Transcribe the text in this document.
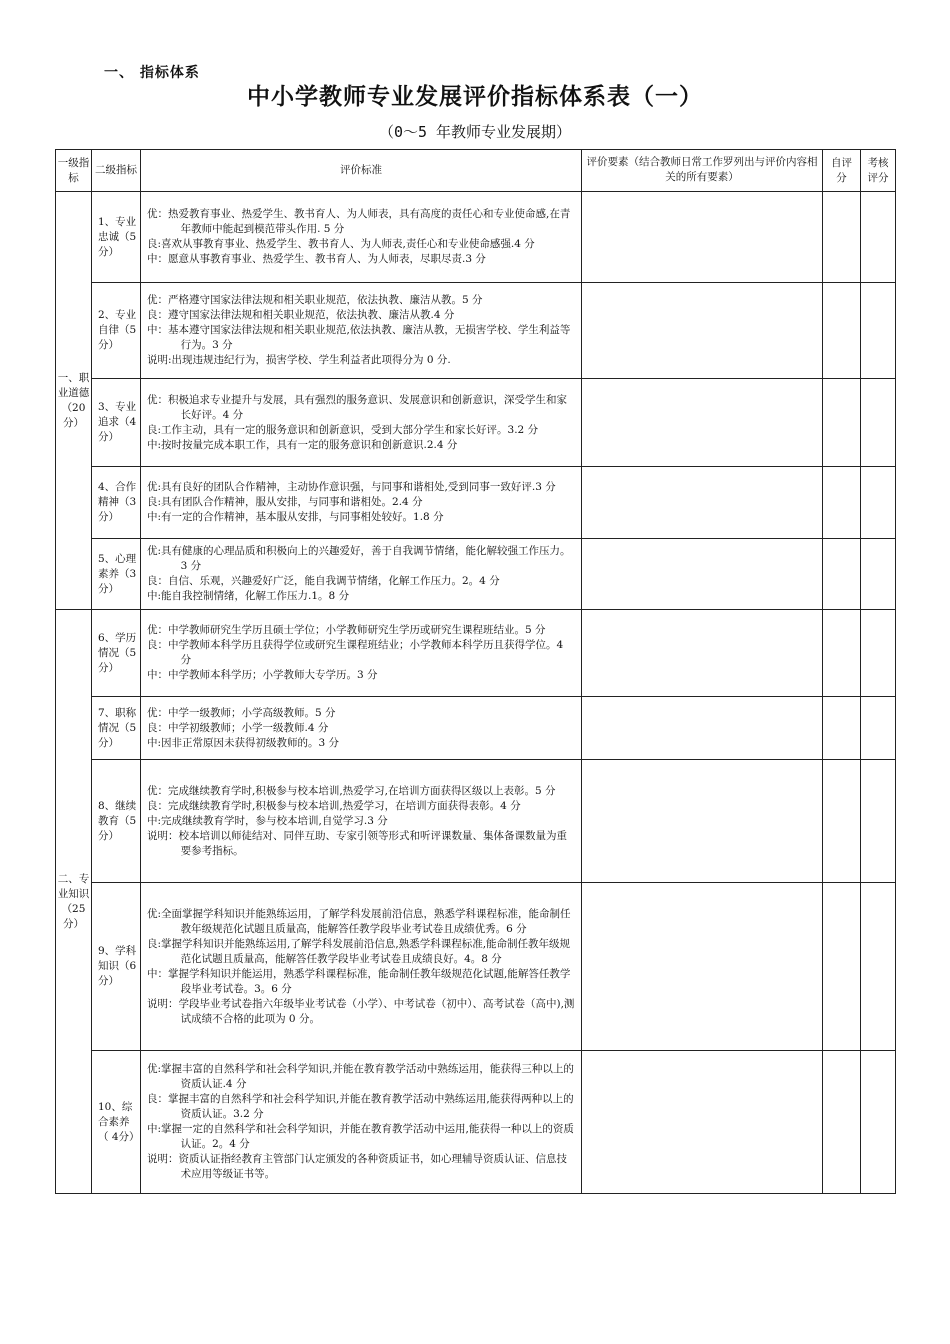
一、 指标体系
中小学教师专业发展评价指标体系表（一）
（0～5 年教师专业发展期）
一级指标	二级指标	评价标准	评价要素（结合教师日常工作罗列出与评价内容相关的所有要素）	自评分	考核评分
一、职业道德（20分）	1、专业忠诚（5分）	优：热爱教育事业、热爱学生、教书育人、为人师表，具有高度的责任心和专业使命感,在青年教师中能起到模范带头作用. 5 分
良:喜欢从事教育事业、热爱学生、教书育人、为人师表,责任心和专业使命感强.4 分
中：愿意从事教育事业、热爱学生、教书育人、为人师表，尽职尽责.3 分			

	2、专业自律（5分）	优：严格遵守国家法律法规和相关职业规范，依法执教、廉洁从教。5 分
良：遵守国家法律法规和相关职业规范，依法执教、廉洁从教.4 分
中：基本遵守国家法律法规和相关职业规范,依法执教、廉洁从教，无损害学校、学生利益等行为。3 分
说明:出现违规违纪行为，损害学校、学生利益者此项得分为 0 分.			

	3、专业追求（4分）	优：积极追求专业提升与发展，具有强烈的服务意识、发展意识和创新意识，深受学生和家长好评。4 分
良:工作主动，具有一定的服务意识和创新意识，受到大部分学生和家长好评。3.2 分
中:按时按量完成本职工作，具有一定的服务意识和创新意识.2.4 分			

	4、合作精神（3分）	优:具有良好的团队合作精神，主动协作意识强，与同事和谐相处,受到同事一致好评.3 分
良:具有团队合作精神，服从安排，与同事和谐相处。2.4 分
中:有一定的合作精神，基本服从安排，与同事相处较好。1.8 分			

	5、心理素养（3分）	优:具有健康的心理品质和积极向上的兴趣爱好，善于自我调节情绪，能化解较强工作压力。3 分
良：自信、乐观，兴趣爱好广泛，能自我调节情绪，化解工作压力。2。4 分
中:能自我控制情绪，化解工作压力.1。8 分			

二、专业知识（25分）	6、学历情况（5分）	优：中学教师研究生学历且硕士学位；小学教师研究生学历或研究生课程班结业。5 分
良：中学教师本科学历且获得学位或研究生课程班结业；小学教师本科学历且获得学位。4 分
中：中学教师本科学历；小学教师大专学历。3 分			

	7、职称情况（5分）	优：中学一级教师；小学高级教师。5 分
良：中学初级教师；小学一级教师.4 分
中:因非正常原因未获得初级教师的。3 分			

	8、继续教育（5分）	优：完成继续教育学时,积极参与校本培训,热爱学习,在培训方面获得区级以上表彰。5 分
良：完成继续教育学时,积极参与校本培训,热爱学习，在培训方面获得表彰。4 分
中:完成继续教育学时，参与校本培训,自觉学习.3 分
说明：校本培训以师徒结对、同伴互助、专家引领等形式和听评课数量、集体备课数量为重要参考指标。			

	9、学科知识（6分）	优:全面掌握学科知识并能熟练运用，了解学科发展前沿信息，熟悉学科课程标准，能命制任教年级规范化试题且质量高，能解答任教学段毕业考试卷且成绩优秀。6 分
良:掌握学科知识并能熟练运用,了解学科发展前沿信息,熟悉学科课程标准,能命制任教年级规范化试题且质量高，能解答任教学段毕业考试卷且成绩良好。4。8 分
中：掌握学科知识并能运用，熟悉学科课程标准，能命制任教年级规范化试题,能解答任教学段毕业考试卷。3。6 分
说明：学段毕业考试卷指六年级毕业考试卷（小学）、中考试卷（初中）、高考试卷（高中),测试成绩不合格的此项为 0 分。			

	10、综合素养（ 4分）	优:掌握丰富的自然科学和社会科学知识,并能在教育教学活动中熟练运用，能获得三种以上的资质认证.4 分
良：掌握丰富的自然科学和社会科学知识,并能在教育教学活动中熟练运用,能获得两种以上的资质认证。3.2 分
中:掌握一定的自然科学和社会科学知识，并能在教育教学活动中运用,能获得一种以上的资质认证。2。4 分
说明：资质认证指经教育主管部门认定颁发的各种资质证书，如心理辅导资质认证、信息技术应用等级证书等。			
